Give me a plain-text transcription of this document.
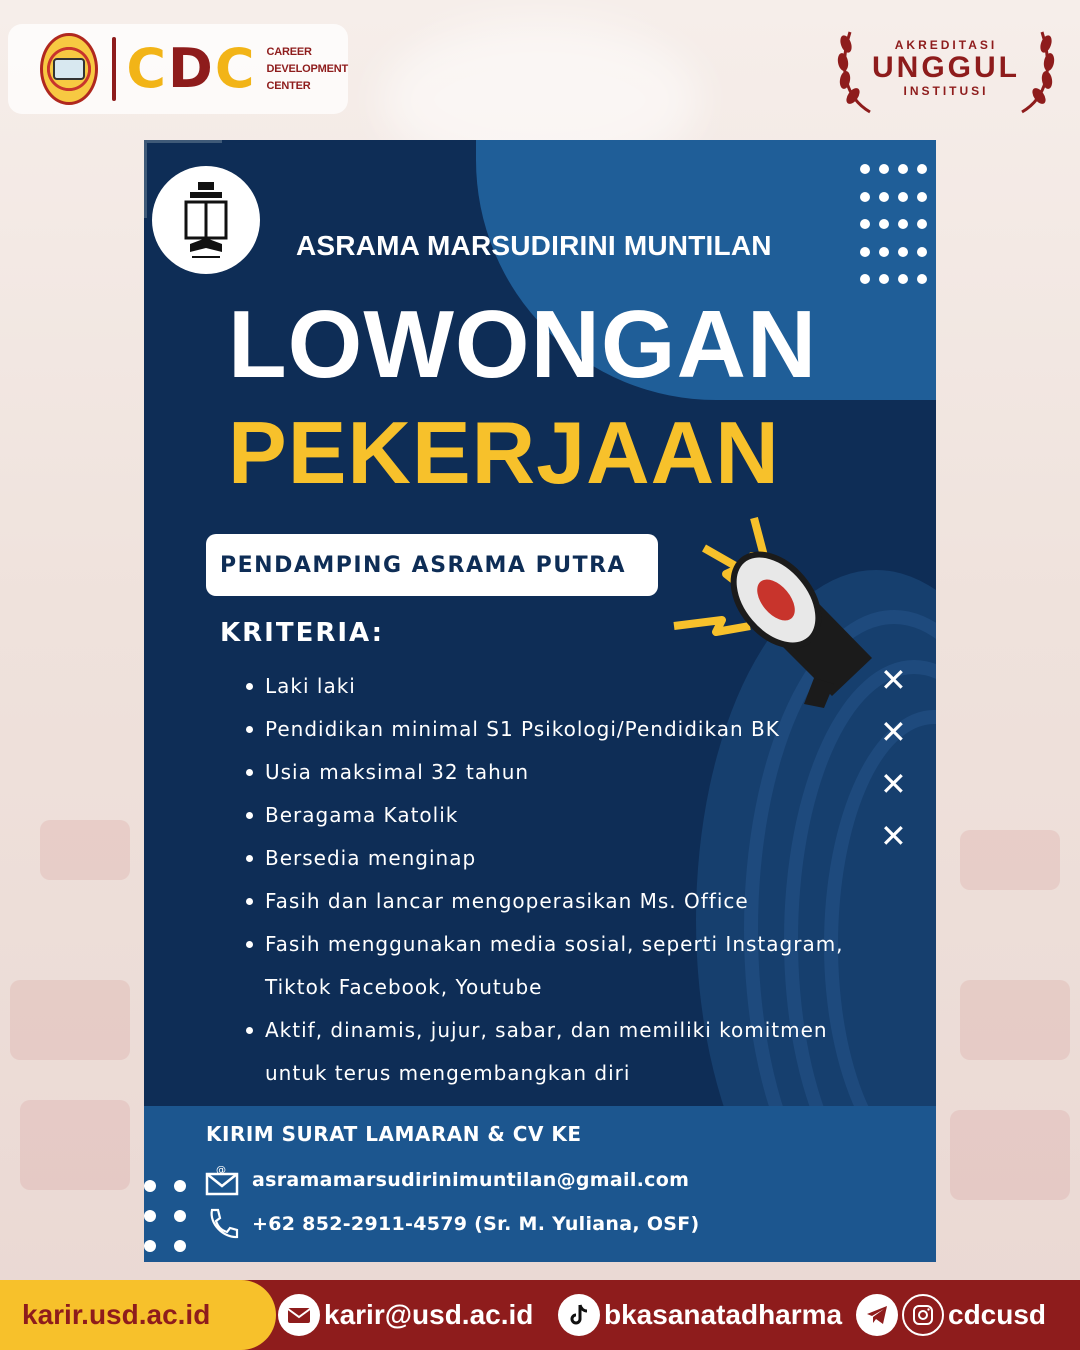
CDC CAREER
DEVELOPMENT
CENTER
AKREDITASI
UNGGUL
INSTITUSI
ASRAMA MARSUDIRINI MUNTILAN
LOWONGAN
PEKERJAAN
PENDAMPING ASRAMA PUTRA
KRITERIA:
Laki laki
Pendidikan minimal S1 Psikologi/Pendidikan BK
Usia maksimal 32 tahun
Beragama Katolik
Bersedia menginap
Fasih dan lancar mengoperasikan Ms. Office
Fasih menggunakan media sosial, seperti Instagram, Tiktok Facebook, Youtube
Aktif, dinamis, jujur, sabar, dan memiliki komitmen untuk terus mengembangkan diri
✕
✕
✕
✕
KIRIM SURAT LAMARAN & CV KE
@ asramamarsudirinimuntilan@gmail.com
+62 852-2911-4579 (Sr. M. Yuliana, OSF)
karir.usd.ac.id	karir@usd.ac.id	bkasanatadharma	cdcusd
